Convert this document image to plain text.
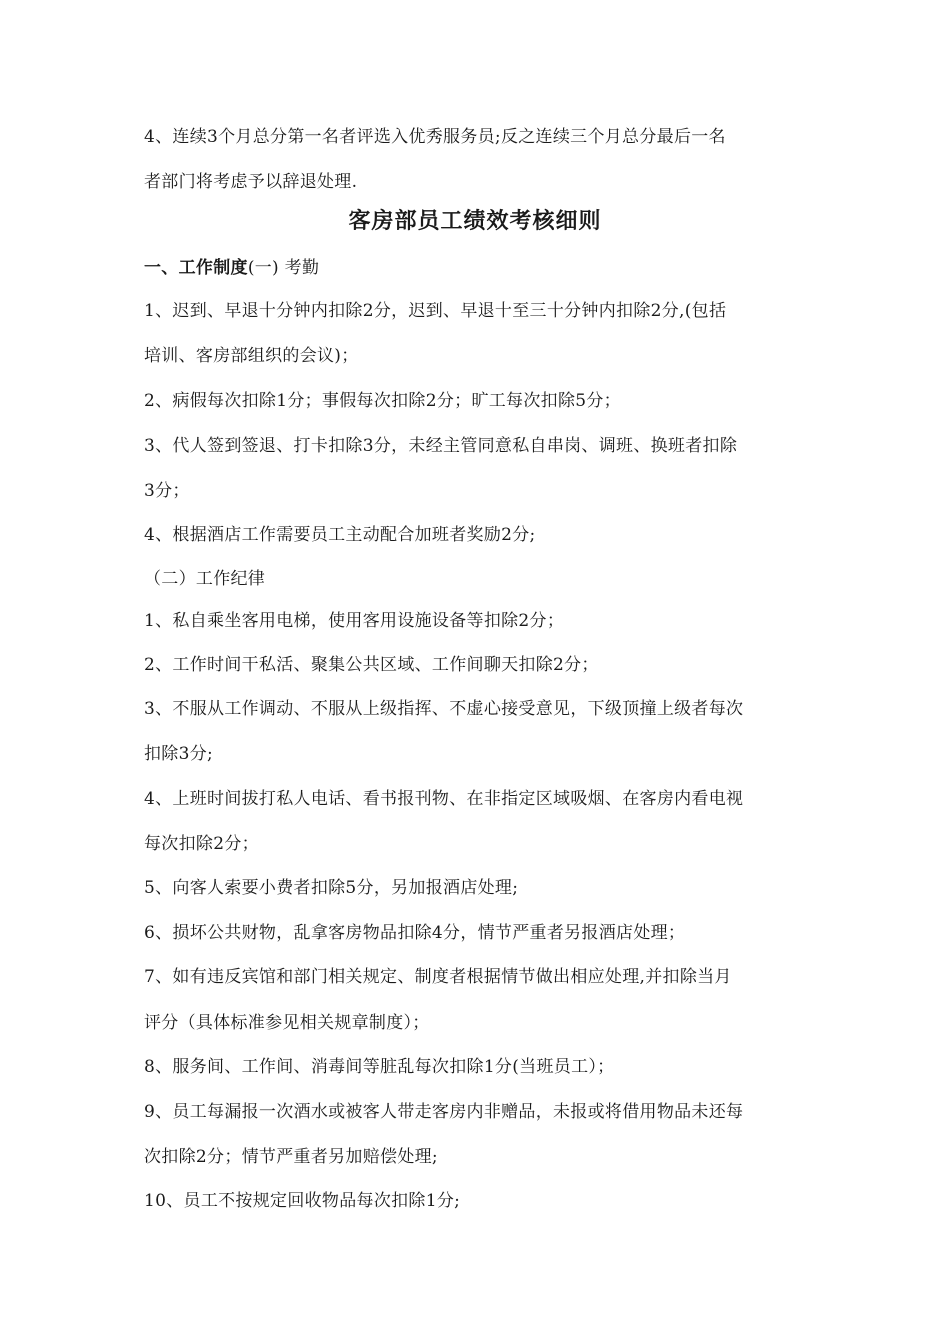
4、连续3个月总分第一名者评选入优秀服务员;反之连续三个月总分最后一名
者部门将考虑予以辞退处理.
客房部员工绩效考核细则
一、工作制度(一) 考勤
1、迟到、早退十分钟内扣除2分，迟到、早退十至三十分钟内扣除2分,(包括
培训、客房部组织的会议)；
2、病假每次扣除1分；事假每次扣除2分；旷工每次扣除5分；
3、代人签到签退、打卡扣除3分，未经主管同意私自串岗、调班、换班者扣除
3分；
4、根据酒店工作需要员工主动配合加班者奖励2分;
（二）工作纪律
1、私自乘坐客用电梯，使用客用设施设备等扣除2分；
2、工作时间干私活、聚集公共区域、工作间聊天扣除2分；
3、不服从工作调动、不服从上级指挥、不虚心接受意见，下级顶撞上级者每次
扣除3分;
4、上班时间拔打私人电话、看书报刊物、在非指定区域吸烟、在客房内看电视
每次扣除2分；
5、向客人索要小费者扣除5分，另加报酒店处理;
6、损坏公共财物，乱拿客房物品扣除4分，情节严重者另报酒店处理；
7、如有违反宾馆和部门相关规定、制度者根据情节做出相应处理,并扣除当月
评分（具体标准参见相关规章制度）；
8、服务间、工作间、消毒间等脏乱每次扣除1分(当班员工）；
9、员工每漏报一次酒水或被客人带走客房内非赠品，未报或将借用物品未还每
次扣除2分；情节严重者另加赔偿处理;
10、员工不按规定回收物品每次扣除1分;
